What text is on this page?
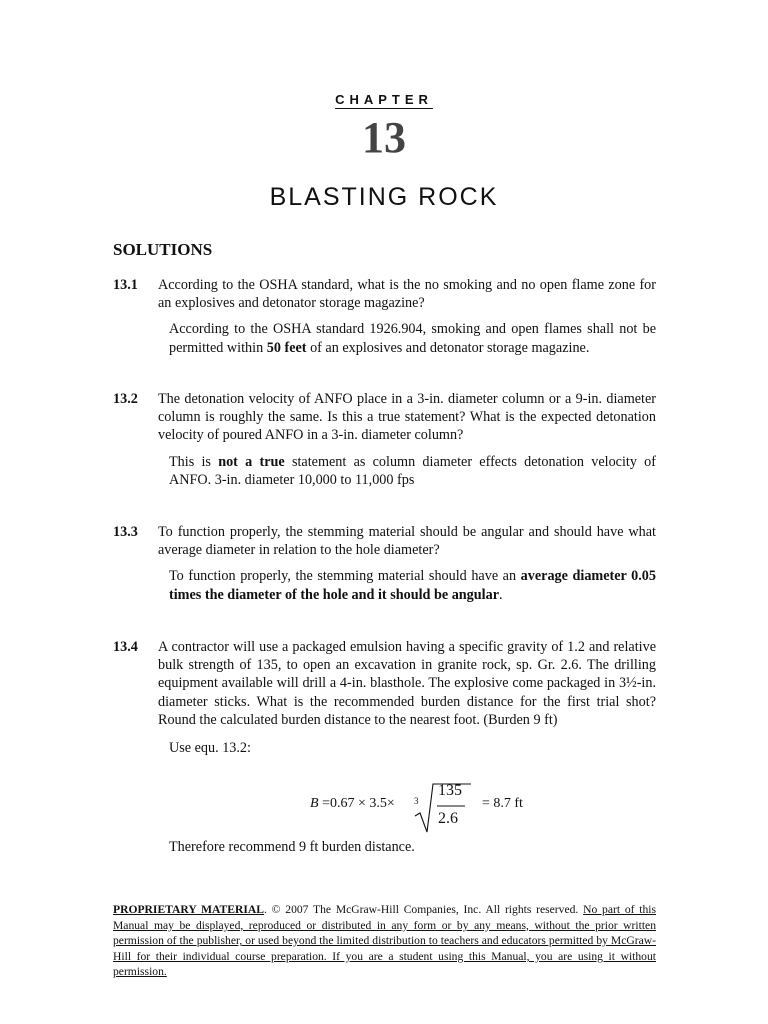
CHAPTER
13
BLASTING ROCK
SOLUTIONS
13.1 According to the OSHA standard, what is the no smoking and no open flame zone for an explosives and detonator storage magazine?
According to the OSHA standard 1926.904, smoking and open flames shall not be permitted within 50 feet of an explosives and detonator storage magazine.
13.2 The detonation velocity of ANFO place in a 3-in. diameter column or a 9-in. diameter column is roughly the same. Is this a true statement? What is the expected detonation velocity of poured ANFO in a 3-in. diameter column?
This is not a true statement as column diameter effects detonation velocity of ANFO. 3-in. diameter 10,000 to 11,000 fps
13.3 To function properly, the stemming material should be angular and should have what average diameter in relation to the hole diameter?
To function properly, the stemming material should have an average diameter 0.05 times the diameter of the hole and it should be angular.
13.4 A contractor will use a packaged emulsion having a specific gravity of 1.2 and relative bulk strength of 135, to open an excavation in granite rock, sp. Gr. 2.6. The drilling equipment available will drill a 4-in. blasthole. The explosive come packaged in 3½-in. diameter sticks. What is the recommended burden distance for the first trial shot? Round the calculated burden distance to the nearest foot. (Burden 9 ft)
Use equ. 13.2:
B =0.67 × 3.5× 3
135
2.6
= 8.7 ft
Therefore recommend 9 ft burden distance.
PROPRIETARY MATERIAL. © 2007 The McGraw-Hill Companies, Inc. All rights reserved. No part of this Manual may be displayed, reproduced or distributed in any form or by any means, without the prior written permission of the publisher, or used beyond the limited distribution to teachers and educators permitted by McGraw-Hill for their individual course preparation. If you are a student using this Manual, you are using it without permission.
